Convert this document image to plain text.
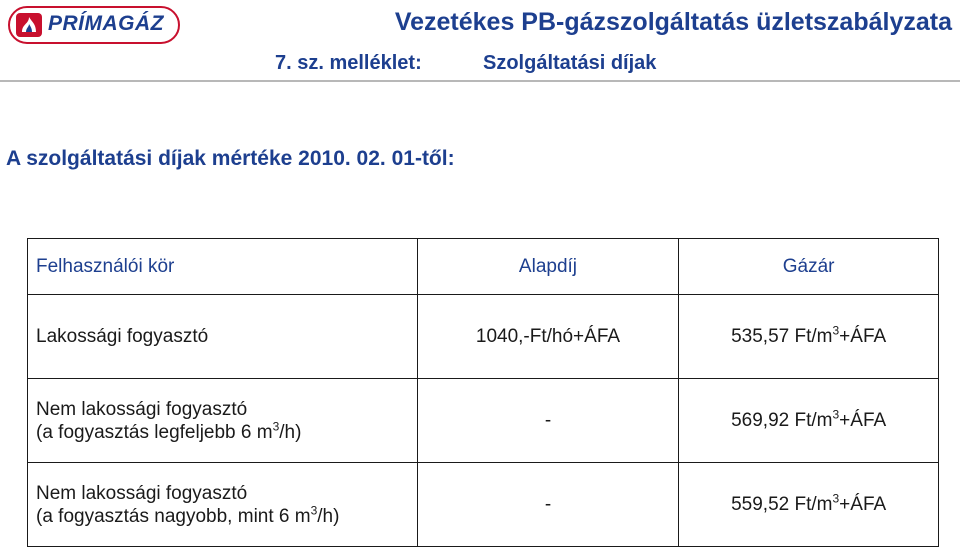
PRÍMAGÁZ	Vezetékes PB-gázszolgáltatás üzletszabályzata
7. sz. melléklet:	Szolgáltatási díjak
A szolgáltatási díjak mértéke 2010. 02. 01-től:
Felhasználói kör	Alapdíj	Gázár
Lakossági fogyasztó	1040,-Ft/hó+ÁFA	535,57 $Ft/m^3+ÁFA$

Nem lakossági fogyasztó
(a fogyasztás legfeljebb 6 $m^3/h$)	-	569,92 $Ft/m^3+ÁFA$

Nem lakossági fogyasztó
(a fogyasztás nagyobb, mint 6 $m^3/h$)	-	559,52 $Ft/m^3+ÁFA$
